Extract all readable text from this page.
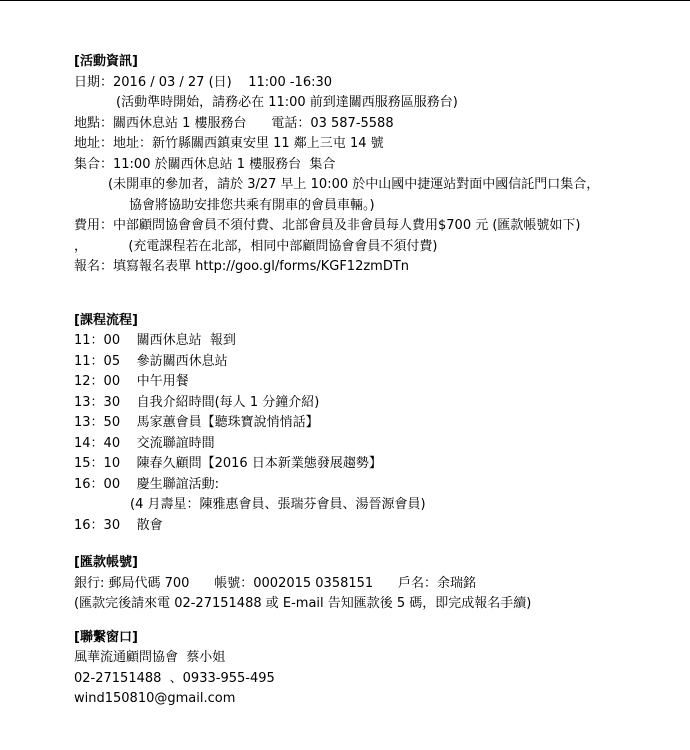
[活動資訊]

日期：2016 / 03 / 27 (日)    11:00 -16:30

(活動準時開始，請務必在 11:00 前到達關西服務區服務台)

地點：關西休息站 1 樓服務台      電話：03 587-5588

地址：地址：新竹縣關西鎮東安里 11 鄰上三屯 14 號

集合：11:00 於關西休息站 1 樓服務台  集合

(未開車的參加者，請於 3/27 早上 10:00 於中山國中捷運站對面中國信託門口集合，

協會將協助安排您共乘有開車的會員車輛。)

費用：中部顧問協會會員不須付費、北部會員及非會員每人費用$700 元 (匯款帳號如下)

，          (充電課程若在北部，相同中部顧問協會會員不須付費)

報名：填寫報名表單 http://goo.gl/forms/KGF12zmDTn

[課程流程]

11：00    關西休息站  報到

11：05    參訪關西休息站

12：00    中午用餐

13：30    自我介紹時間(每人 1 分鐘介紹)

13：50    馬家蕙會員【聽珠寶說悄悄話】

14：40    交流聯誼時間

15：10    陳春久顧問【2016 日本新業態發展趨勢】

16：00    慶生聯誼活動:

(4 月壽星：陳雅惠會員、張瑞芬會員、湯晉源會員)

16：30    散會

[匯款帳號]

銀行: 郵局代碼 700      帳號：0002015 0358151      戶名：余瑞銘

(匯款完後請來電 02-27151488 或 E-mail 告知匯款後 5 碼，即完成報名手續)

[聯繫窗口]

風華流通顧問協會  蔡小姐

02-27151488  、0933-955-495

wind150810@gmail.com
